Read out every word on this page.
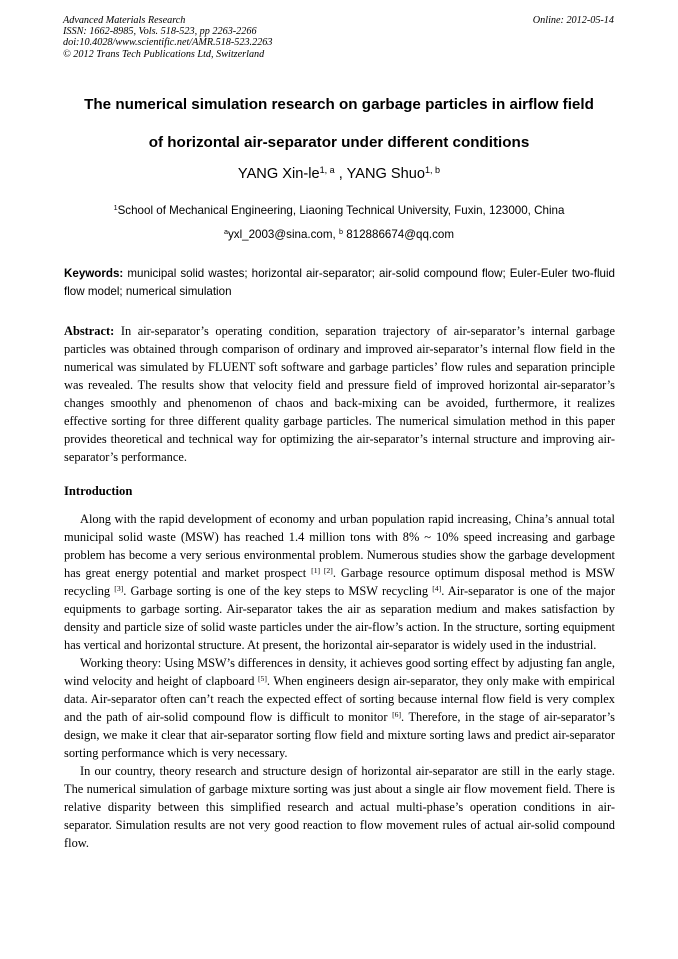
Advanced Materials Research
ISSN: 1662-8985, Vols. 518-523, pp 2263-2266
doi:10.4028/www.scientific.net/AMR.518-523.2263
© 2012 Trans Tech Publications Ltd, Switzerland
Online: 2012-05-14
The numerical simulation research on garbage particles in airflow field
of horizontal air-separator under different conditions
YANG Xin-le$^{1, a}$ , YANG Shuo$^{1, b}$
$^1$School of Mechanical Engineering, Liaoning Technical University, Fuxin, 123000, China
$^a$yxl_2003@sina.com, $^b$ 812886674@qq.com
Keywords: municipal solid wastes; horizontal air-separator; air-solid compound flow; Euler-Euler two-fluid flow model; numerical simulation
Abstract: In air-separator’s operating condition, separation trajectory of air-separator’s internal garbage particles was obtained through comparison of ordinary and improved air-separator’s internal flow field in the numerical was simulated by FLUENT soft software and garbage particles’ flow rules and separation principle was revealed. The results show that velocity field and pressure field of improved horizontal air-separator’s changes smoothly and phenomenon of chaos and back-mixing can be avoided, furthermore, it realizes effective sorting for three different quality garbage particles. The numerical simulation method in this paper provides theoretical and technical way for optimizing the air-separator’s internal structure and improving air-separator’s performance.
Introduction

Along with the rapid development of economy and urban population rapid increasing, China’s annual total municipal solid waste (MSW) has reached 1.4 million tons with 8% ~ 10% speed increasing and garbage problem has become a very serious environmental problem. Numerous studies show the garbage development has great energy potential and market prospect [1] [2]. Garbage resource optimum disposal method is MSW recycling [3]. Garbage sorting is one of the key steps to MSW recycling [4]. Air-separator is one of the major equipments to garbage sorting. Air-separator takes the air as separation medium and makes satisfaction by density and particle size of solid waste particles under the air-flow’s action. In the structure, sorting equipment has vertical and horizontal structure. At present, the horizontal air-separator is widely used in the industrial.

Working theory: Using MSW’s differences in density, it achieves good sorting effect by adjusting fan angle, wind velocity and height of clapboard [5]. When engineers design air-separator, they only make with empirical data. Air-separator often can’t reach the expected effect of sorting because internal flow field is very complex and the path of air-solid compound flow is difficult to monitor [6]. Therefore, in the stage of air-separator’s design, we make it clear that air-separator sorting flow field and mixture sorting laws and predict air-separator sorting performance which is very necessary.

In our country, theory research and structure design of horizontal air-separator are still in the early stage. The numerical simulation of garbage mixture sorting was just about a single air flow movement field. There is relative disparity between this simplified research and actual multi-phase’s operation conditions in air-separator. Simulation results are not very good reaction to flow movement rules of actual air-solid compound flow.
